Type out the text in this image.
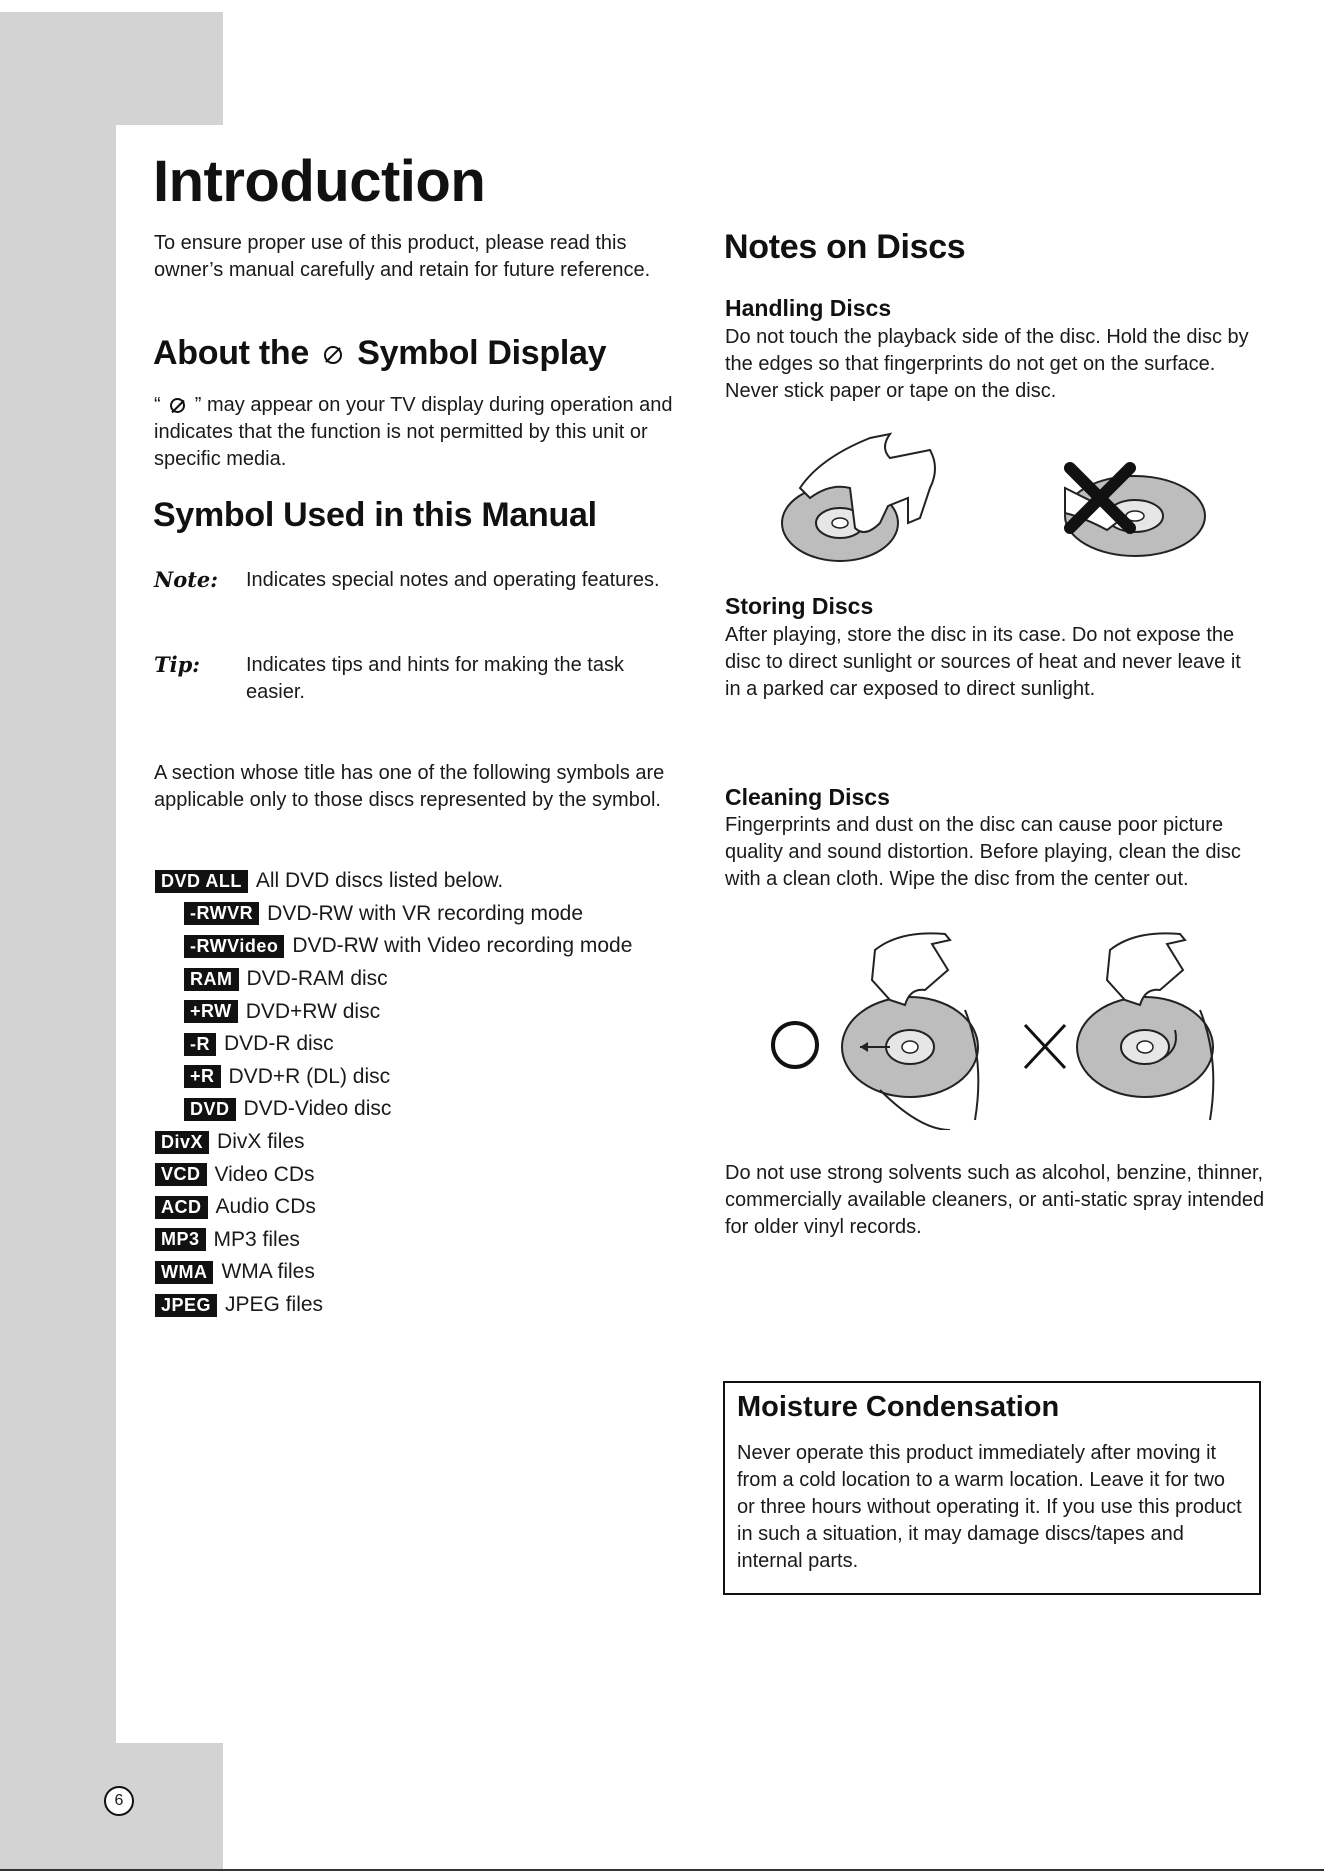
6
Introduction

To ensure proper use of this product, please read this owner’s manual carefully and retain for future reference.

About the Symbol Display

“ ” may appear on your TV display during operation and indicates that the function is not permitted by this unit or specific media.

Symbol Used in this Manual
Note:	Indicates special notes and operating features.
Tip:	Indicates tips and hints for making the task easier.

A section whose title has one of the following symbols are applicable only to those discs represented by the symbol.

DVD ALL All DVD discs listed below.
-RWVR DVD-RW with VR recording mode
-RWVideo DVD-RW with Video recording mode
RAM DVD-RAM disc
+RW DVD+RW disc
-R DVD-R disc
+R DVD+R (DL) disc
DVD DVD-Video disc
DivX DivX files
VCD Video CDs
ACD Audio CDs
MP3 MP3 files
WMA WMA files
JPEG JPEG files
Notes on Discs
Handling Discs

Do not touch the playback side of the disc. Hold the disc by the edges so that fingerprints do not get on the surface. Never stick paper or tape on the disc.

Storing Discs

After playing, store the disc in its case. Do not expose the disc to direct sunlight or sources of heat and never leave it in a parked car exposed to direct sunlight.

Cleaning Discs

Fingerprints and dust on the disc can cause poor picture quality and sound distortion. Before playing, clean the disc with a clean cloth. Wipe the disc from the center out.

Do not use strong solvents such as alcohol, benzine, thinner, commercially available cleaners, or anti-static spray intended for older vinyl records.

Moisture Condensation

Never operate this product immediately after moving it from a cold location to a warm location. Leave it for two or three hours without operating it. If you use this product in such a situation, it may damage discs/tapes and internal parts.
